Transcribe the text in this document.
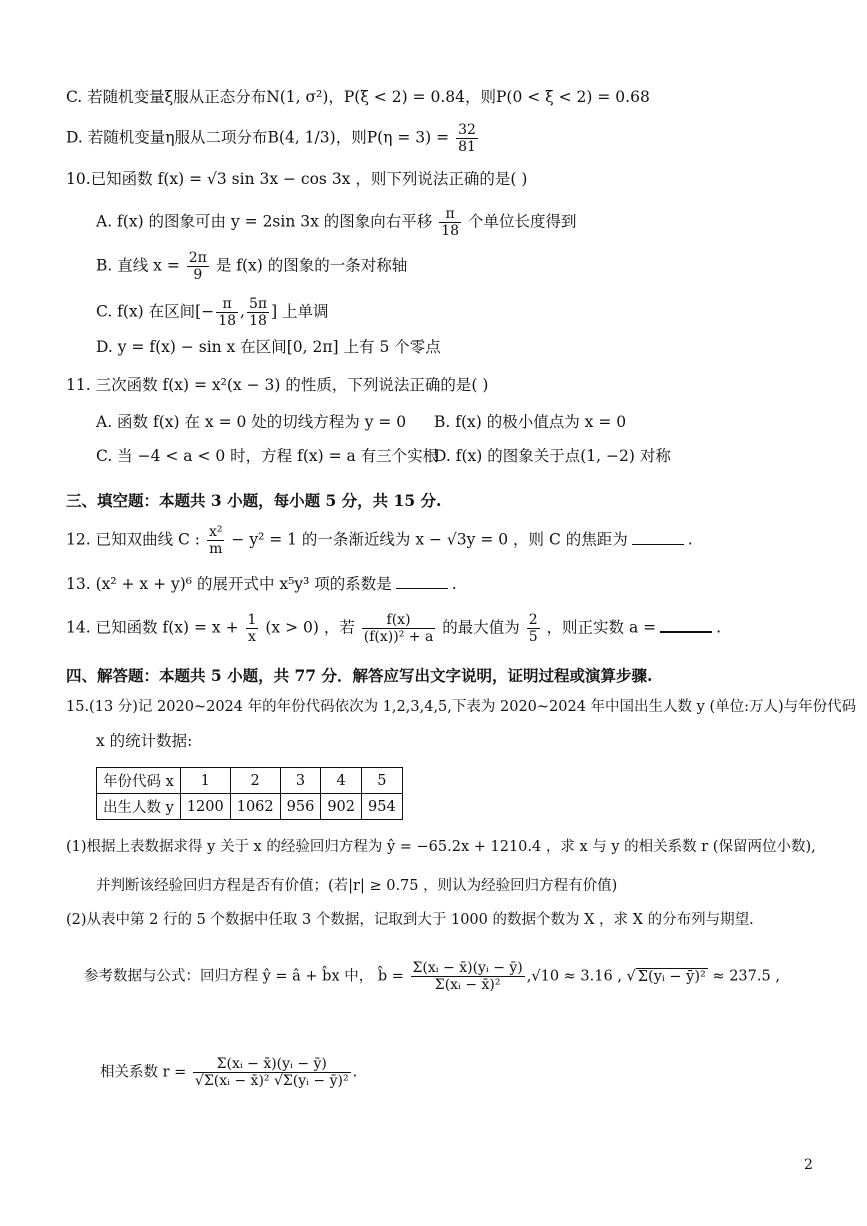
C. 若随机变量ξ服从正态分布N(1, σ²)，P(ξ < 2) = 0.84，则P(0 < ξ < 2) = 0.68
D. 若随机变量η服从二项分布B(4, 1/3)，则$P(\eta = 3) = \frac{32}{81}$
10.已知函数 f(x) = √3 sin 3x − cos 3x ，则下列说法正确的是( )
A. f(x) 的图象可由 y = 2sin 3x 的图象向右平移 $\frac{\pi}{18}$ 个单位长度得到
B. 直线 $x = \frac{2\pi}{9}$ 是 f(x) 的图象的一条对称轴
C. f(x) 在区间[− $\frac{\pi}{18}$ , $\frac{5\pi}{18}$ ] 上单调
D. y = f(x) − sin x 在区间[0, 2π] 上有 5 个零点
11. 三次函数 f(x) = x²(x − 3) 的性质，下列说法正确的是( )
A. 函数 f(x) 在 x = 0 处的切线方程为 y = 0 B. f(x) 的极小值点为 x = 0
C. 当 −4 < a < 0 时，方程 f(x) = a 有三个实根
D. f(x) 的图象关于点(1, −2) 对称
三、填空题：本题共 3 小题，每小题 5 分，共 15 分.
12. 已知双曲线 C : $\frac{\text{x²}}{m} - y^2 = 1$ 的一条渐近线为 x − √3y = 0 ，则 C 的焦距为	.
13. (x² + x + y)⁶ 的展开式中 x⁵y³ 项的系数是	.
14. 已知函数 $f(x) = x + \frac{1}{x} (x > 0)$ ，若 $\frac{f(x)}{\text{(f(x))² + a}}$ 的最大值为 $\frac{2}{5}$ ，则正实数 a =	.
四、解答题：本题共 5 小题，共 77 分．解答应写出文字说明，证明过程或演算步骤.
15.(13 分)记 2020~2024 年的年份代码依次为 1,2,3,4,5,下表为 2020~2024 年中国出生人数 y (单位:万人)与年份代码
x 的统计数据:
年份代码 x	1	2	3	4	5
出生人数 y	1200	1062	956	902	954
(1)根据上表数据求得 y 关于 x 的经验回归方程为 ŷ = −65.2x + 1210.4 ，求 x 与 y 的相关系数 r (保留两位小数),
并判断该经验回归方程是否有价值；(若|r| ≥ 0.75 ，则认为经验回归方程有价值)
(2)从表中第 2 行的 5 个数据中任取 3 个数据，记取到大于 1000 的数据个数为 X ，求 X 的分布列与期望.
参考数据与公式：回归方程 ŷ = â + b̂x 中， b̂ = $\frac{\text{Σ(xᵢ − x̄)(yᵢ − ȳ)}}{\text{Σ(xᵢ − x̄)²}} ,√10 \approx 3.16$ , √ Σ(yᵢ − ȳ)² ≈ 237.5 ,
相关系数 $r = \frac{\text{Σ(xᵢ − x̄)(yᵢ − ȳ)}}{\text{√Σ(xᵢ − x̄)² √Σ(yᵢ − ȳ)²}}$ .
2
